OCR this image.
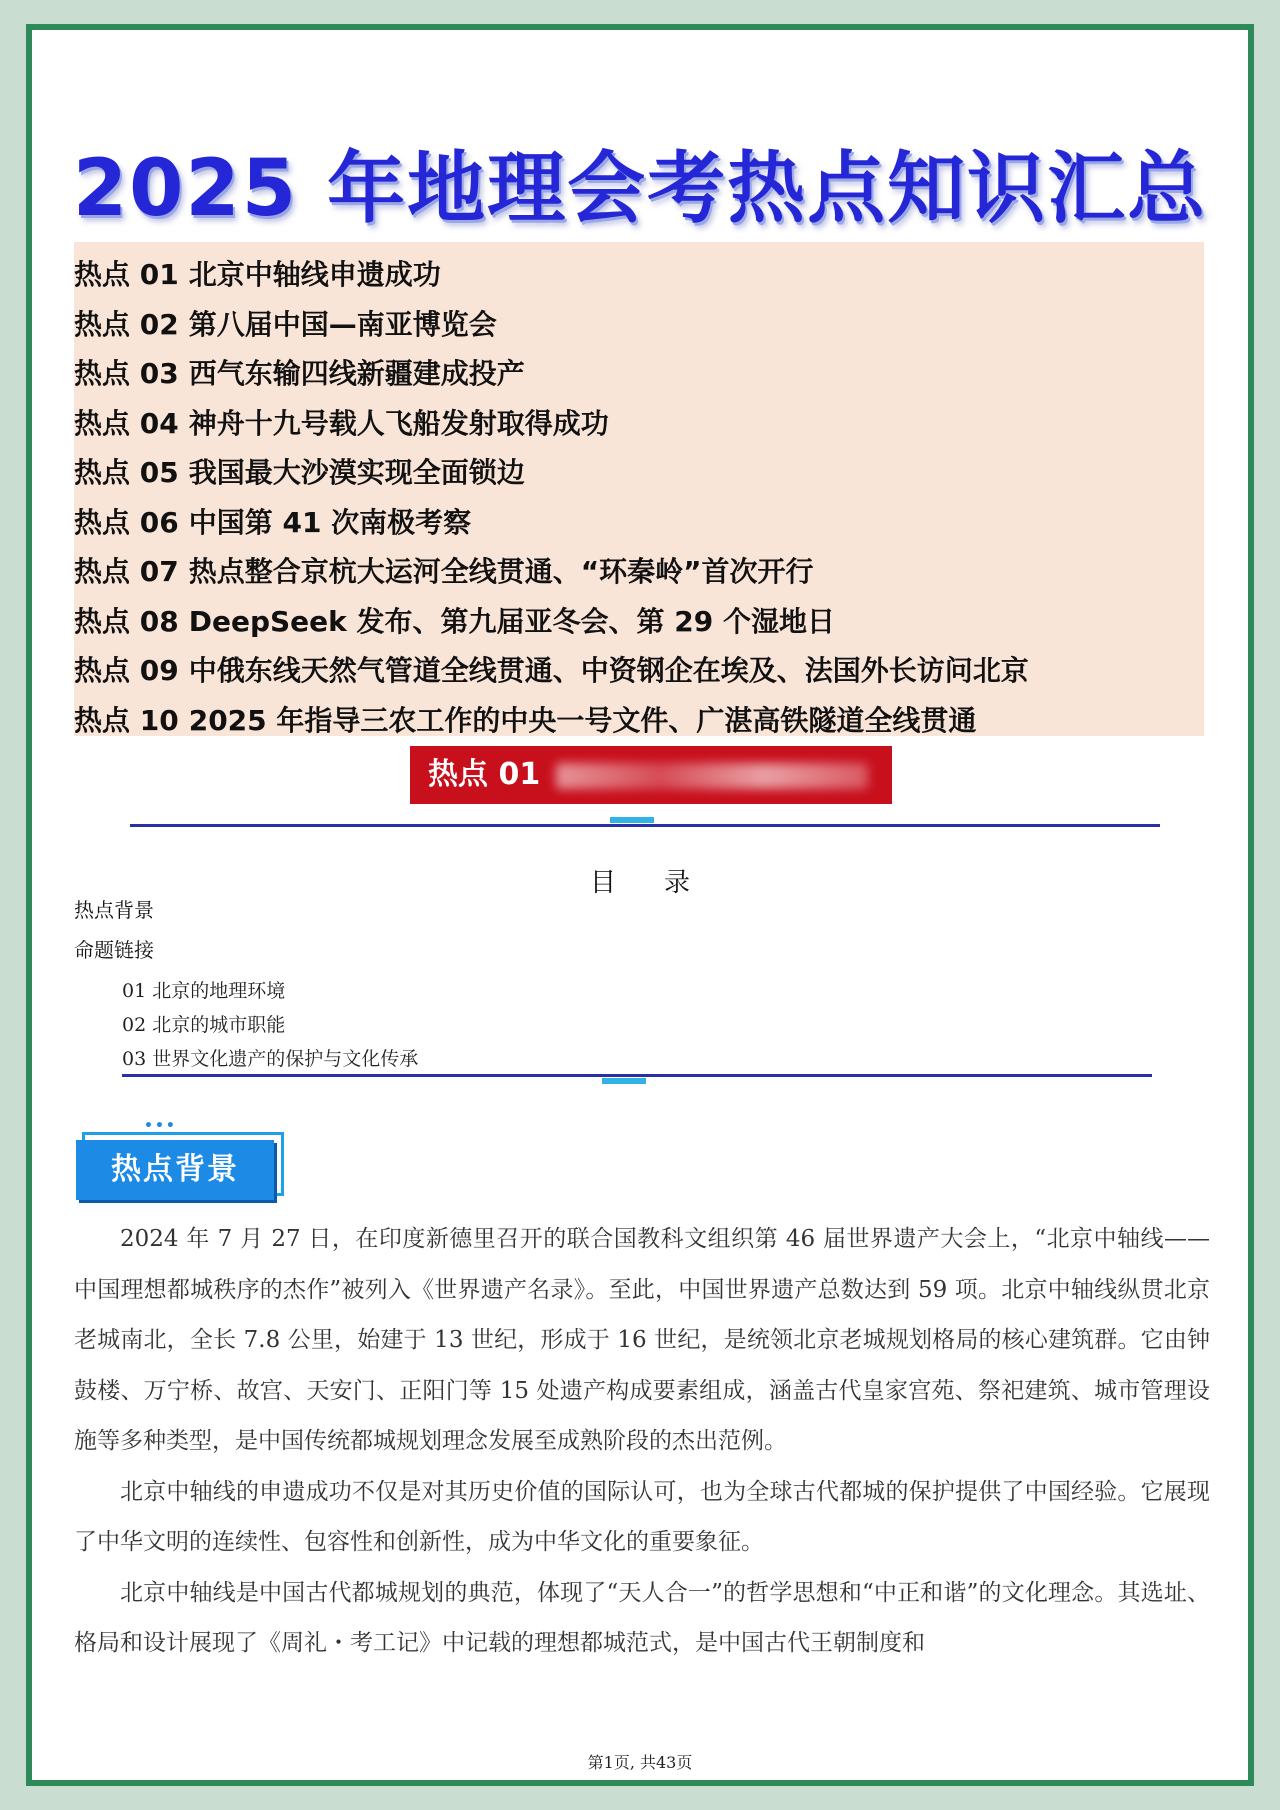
2025 年地理会考热点知识汇总
热点 01 北京中轴线申遗成功
热点 02 第八届中国—南亚博览会
热点 03 西气东输四线新疆建成投产
热点 04 神舟十九号载人飞船发射取得成功
热点 05 我国最大沙漠实现全面锁边
热点 06 中国第 41 次南极考察
热点 07 热点整合京杭大运河全线贯通、“环秦岭”首次开行
热点 08 DeepSeek 发布、第九届亚冬会、第 29 个湿地日
热点 09 中俄东线天然气管道全线贯通、中资钢企在埃及、法国外长访问北京
热点 10 2025 年指导三农工作的中央一号文件、广湛高铁隧道全线贯通
热点 01
目录
热点背景
命题链接
01 北京的地理环境
02 北京的城市职能
03 世界文化遗产的保护与文化传承
•••
热点背景

2024 年 7 月 27 日，在印度新德里召开的联合国教科文组织第 46 届世界遗产大会上，“北京中轴线——中国理想都城秩序的杰作”被列入《世界遗产名录》。至此，中国世界遗产总数达到 59 项。北京中轴线纵贯北京老城南北，全长 7.8 公里，始建于 13 世纪，形成于 16 世纪，是统领北京老城规划格局的核心建筑群。它由钟鼓楼、万宁桥、故宫、天安门、正阳门等 15 处遗产构成要素组成，涵盖古代皇家宫苑、祭祀建筑、城市管理设施等多种类型，是中国传统都城规划理念发展至成熟阶段的杰出范例。

北京中轴线的申遗成功不仅是对其历史价值的国际认可，也为全球古代都城的保护提供了中国经验。它展现了中华文明的连续性、包容性和创新性，成为中华文化的重要象征。

北京中轴线是中国古代都城规划的典范，体现了“天人合一”的哲学思想和“中正和谐”的文化理念。其选址、格局和设计展现了《周礼・考工记》中记载的理想都城范式，是中国古代王朝制度和

第1页, 共43页
